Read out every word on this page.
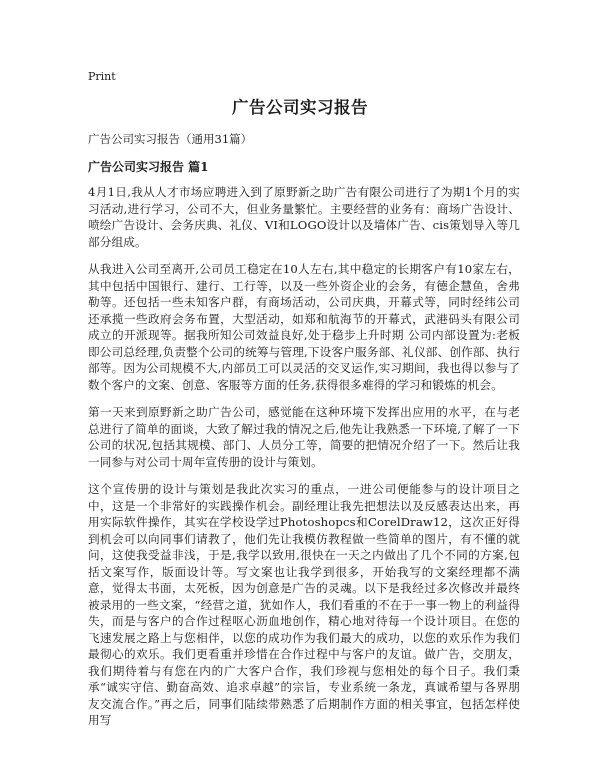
Print
广告公司实习报告
广告公司实习报告（通用31篇）
广告公司实习报告 篇1

4月1日,我从人才市场应聘进入到了原野新之助广告有限公司进行了为期1个月的实习活动,进行学习，公司不大，但业务量繁忙。主要经营的业务有：商场广告设计、喷绘广告设计、会务庆典、礼仪、VI和LOGO设计以及墙体广告、cis策划导入等几部分组成。

从我进入公司至离开,公司员工稳定在10人左右,其中稳定的长期客户有10家左右，其中包括中国银行、建行、工行等，以及一些外资企业的会务，有德企慧鱼，舍弗勒等。还包括一些未知客户群，有商场活动，公司庆典，开幕式等，同时经纬公司还承揽一些政府会务布置，大型活动，如郑和航海节的开幕式，武港码头有限公司成立的开派现等。据我所知公司效益良好,处于稳步上升时期 公司内部设置为:老板即公司总经理,负责整个公司的统筹与管理,下设客户服务部、礼仪部、创作部、执行部等。因为公司规模不大,内部员工可以灵活的交叉运作,实习期间，我也得以参与了数个客户的文案、创意、客服等方面的任务,获得很多难得的学习和锻炼的机会。

第一天来到原野新之助广告公司，感觉能在这种环境下发挥出应用的水平，在与老总进行了简单的面谈，大致了解过我的情况之后,他先让我熟悉一下环境,了解了一下公司的状况,包括其规模、部门、人员分工等，简要的把情况介绍了一下。然后让我一同参与对公司十周年宣传册的设计与策划。

这个宣传册的设计与策划是我此次实习的重点，一进公司便能参与的设计项目之中，这是一个非常好的实践操作机会。副经理让我先把想法以及反感表达出来，再用实际软件操作，其实在学校设学过Photoshopcs和CorelDraw12，这次正好得到机会可以向同事们请教了，他们先让我模仿教程做一些简单的图片，有不懂的就问，这使我受益非浅，于是,我学以致用,很快在一天之内做出了几个不同的方案,包括文案写作，版面设计等。写文案也让我学到很多，开始我写的文案经理都不满意，觉得太书面，太死板，因为创意是广告的灵魂。以下是我经过多次修改并最终被录用的一些文案，“经营之道，犹如作人，我们看重的不在于一事一物上的利益得失，而是与客户的合作过程呕心沥血地创作，精心地对待每一个设计项目。在您的飞速发展之路上与您相伴，以您的成功作为我们最大的成功，以您的欢乐作为我们最彻心的欢乐。我们更看重并珍惜在合作过程中与客户的友谊。做广告，交朋友，我们期待着与有您在内的广大客户合作，我们珍视与您相处的每个日子。我们秉承“诚实守信、勤奋高效、追求卓越”的宗旨，专业系统一条龙，真诚希望与各界朋友交流合作。”再之后，同事们陆续带熟悉了后期制作方面的相关事宜，包括怎样使用写
